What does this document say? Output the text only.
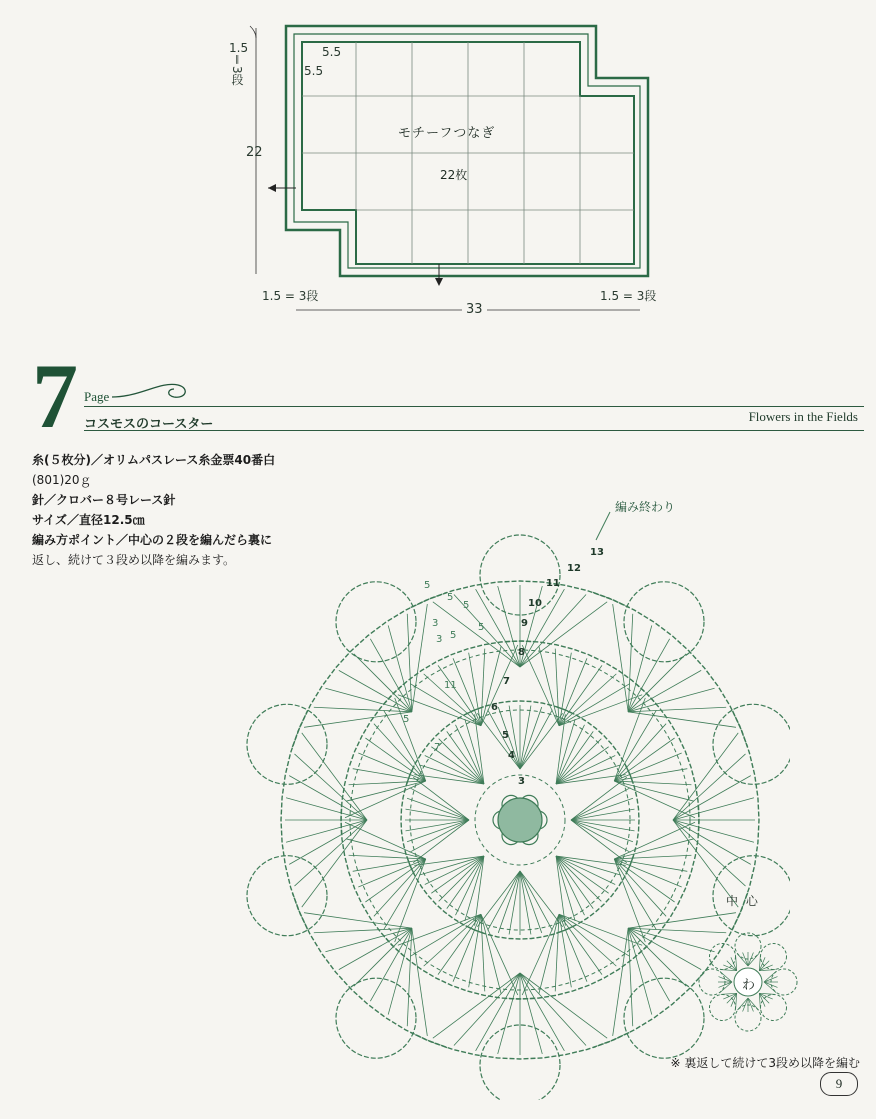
1.5
∥
3段
5.5
5.5
22
1.5 = 3段	1.5 = 3段
33
モチーフつなぎ
22枚
7 Page
コスモスのコースター
Flowers in the Fields
糸(５枚分)／オリムパスレース糸金票40番白
(801)20ｇ
針／クロバー８号レース針
サイズ／直径12.5㎝
編み方ポイント／中心の２段を編んだら裏に
返し、続けて３段め以降を編みます。
編み終わり
3
4
5
6
7
8
9
10
11
12
13
5
5
3
3 5
5
5
11
5
7
中 心
わ
※ 裏返して続けて3段め以降を編む
9
